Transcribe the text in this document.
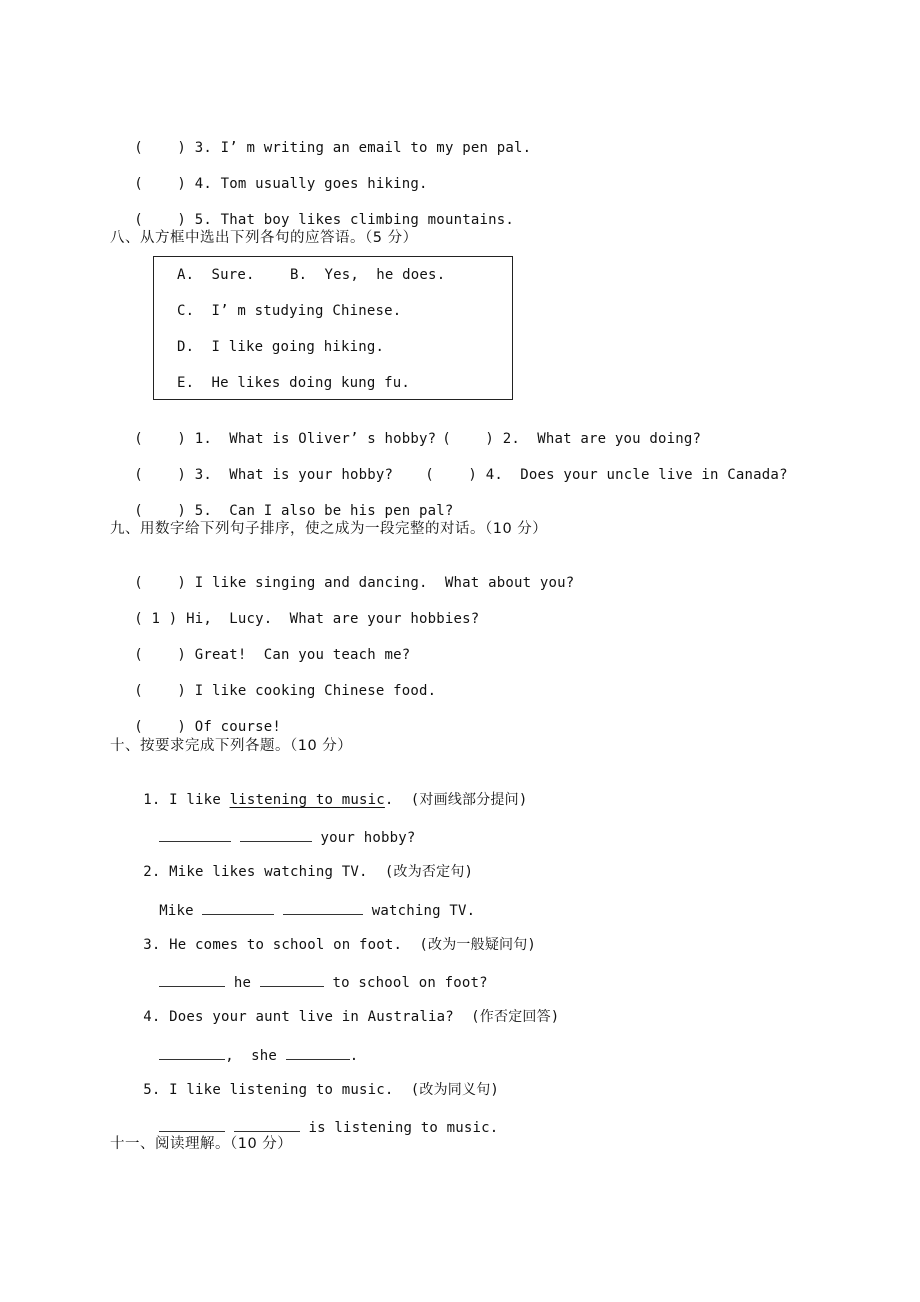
(    ) 3. I’ m writing an email to my pen pal.

(    ) 4. Tom usually goes hiking.

(    ) 5. That boy likes climbing mountains.

八、从方框中选出下列各句的应答语。（5 分）
A.  Sure.	B.  Yes,  he does.
C.  I’ m studying Chinese.
D.  I like going hiking.
E.  He likes doing kung fu.

(    ) 1.  What is Oliver’ s hobby? (    ) 2.  What are you doing?

(    ) 3.  What is your hobby?	(    ) 4.  Does your uncle live in Canada?

(    ) 5.  Can I also be his pen pal?

九、用数字给下列句子排序，使之成为一段完整的对话。（10 分）

(    ) I like singing and dancing.  What about you?

( 1 ) Hi,  Lucy.  What are your hobbies?

(    ) Great!  Can you teach me?

(    ) I like cooking Chinese food.

(    ) Of course!

十、按要求完成下列各题。（10 分）

1. I like listening to music.  (对画线部分提问)

your hobby?

2. Mike likes watching TV.  (改为否定句)

Mike	watching TV.

3. He comes to school on foot.  (改为一般疑问句)

he	to school on foot?

4. Does your aunt live in Australia?  (作否定回答)

, she	.

5. I like listening to music.  (改为同义句)

is listening to music.

十一、阅读理解。（10 分）
